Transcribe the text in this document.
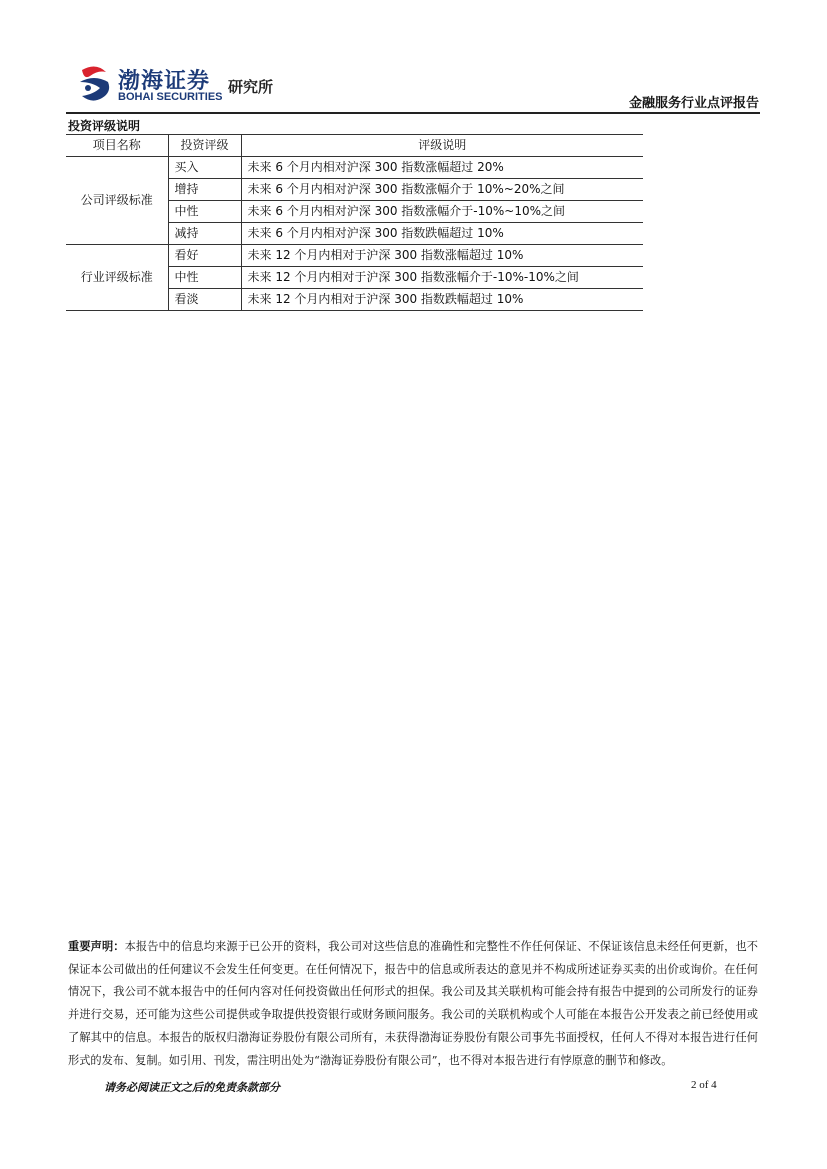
渤海证券
BOHAI SECURITIES
研究所
金融服务行业点评报告
投资评级说明
项目名称	投资评级	评级说明
公司评级标准	买入	未来 6 个月内相对沪深 300 指数涨幅超过 20%
	增持	未来 6 个月内相对沪深 300 指数涨幅介于 10%~20%之间
	中性	未来 6 个月内相对沪深 300 指数涨幅介于-10%~10%之间
	减持	未来 6 个月内相对沪深 300 指数跌幅超过 10%
行业评级标准	看好	未来 12 个月内相对于沪深 300 指数涨幅超过 10%
	中性	未来 12 个月内相对于沪深 300 指数涨幅介于-10%-10%之间
	看淡	未来 12 个月内相对于沪深 300 指数跌幅超过 10%
重要声明：本报告中的信息均来源于已公开的资料，我公司对这些信息的准确性和完整性不作任何保证、不保证该信息未经任何更新，也不保证本公司做出的任何建议不会发生任何变更。在任何情况下，报告中的信息或所表达的意见并不构成所述证券买卖的出价或询价。在任何情况下，我公司不就本报告中的任何内容对任何投资做出任何形式的担保。我公司及其关联机构可能会持有报告中提到的公司所发行的证券并进行交易，还可能为这些公司提供或争取提供投资银行或财务顾问服务。我公司的关联机构或个人可能在本报告公开发表之前已经使用或了解其中的信息。本报告的版权归渤海证券股份有限公司所有，未获得渤海证券股份有限公司事先书面授权，任何人不得对本报告进行任何形式的发布、复制。如引用、刊发，需注明出处为“渤海证券股份有限公司”，也不得对本报告进行有悖原意的删节和修改。
请务必阅读正文之后的免责条款部分	2 of 4
